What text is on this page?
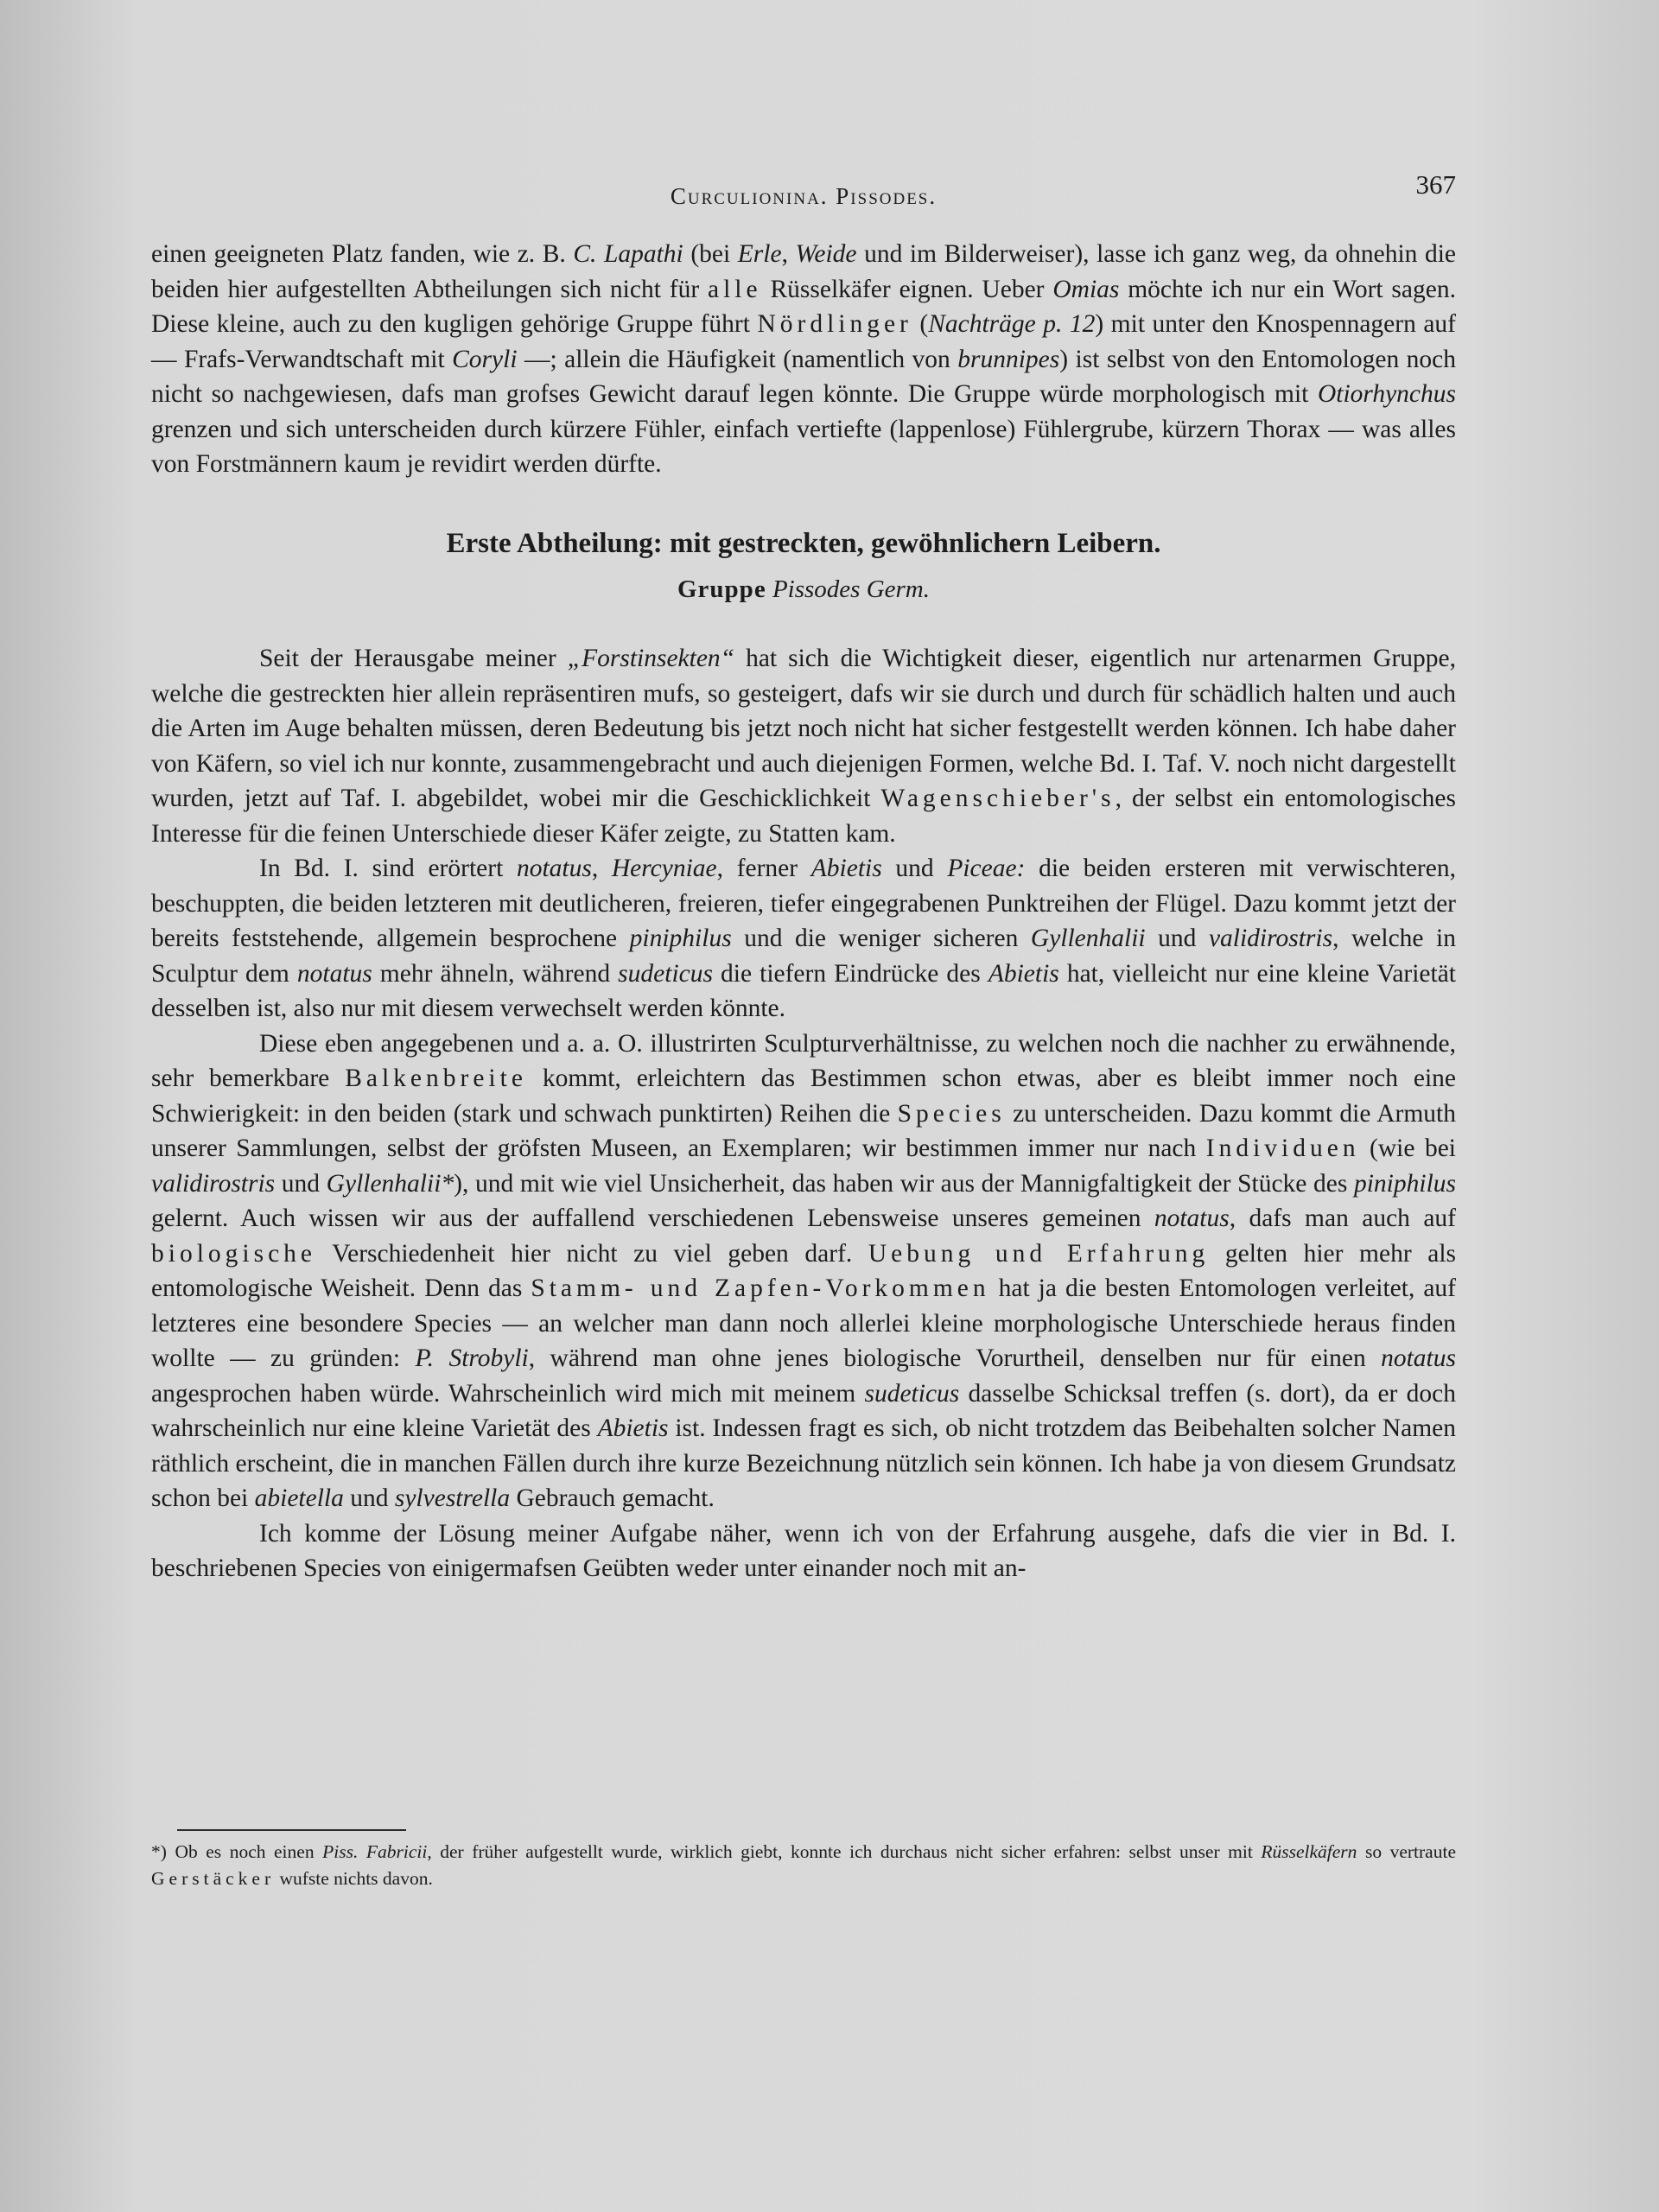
Curculionina. Pissodes.	367

einen geeigneten Platz fanden, wie z. B. C. Lapathi (bei Erle, Weide und im Bilderweiser), lasse ich ganz weg, da ohnehin die beiden hier aufgestellten Abtheilungen sich nicht für alle Rüsselkäfer eignen. Ueber Omias möchte ich nur ein Wort sagen. Diese kleine, auch zu den kugligen gehörige Gruppe führt Nördlinger (Nachträge p. 12) mit unter den Knospennagern auf — Frafs-Verwandtschaft mit Coryli —; allein die Häufigkeit (namentlich von brunnipes) ist selbst von den Entomologen noch nicht so nachgewiesen, dafs man grofses Gewicht darauf legen könnte. Die Gruppe würde morphologisch mit Otiorhynchus grenzen und sich unterscheiden durch kürzere Fühler, einfach vertiefte (lappenlose) Fühlergrube, kürzern Thorax — was alles von Forstmännern kaum je revidirt werden dürfte.

Erste Abtheilung: mit gestreckten, gewöhnlichern Leibern.
Gruppe Pissodes Germ.

Seit der Herausgabe meiner „Forstinsekten“ hat sich die Wichtigkeit dieser, eigentlich nur artenarmen Gruppe, welche die gestreckten hier allein repräsentiren mufs, so gesteigert, dafs wir sie durch und durch für schädlich halten und auch die Arten im Auge behalten müssen, deren Bedeutung bis jetzt noch nicht hat sicher festgestellt werden können. Ich habe daher von Käfern, so viel ich nur konnte, zusammengebracht und auch diejenigen Formen, welche Bd. I. Taf. V. noch nicht dargestellt wurden, jetzt auf Taf. I. abgebildet, wobei mir die Geschicklichkeit Wagenschieber's, der selbst ein entomologisches Interesse für die feinen Unterschiede dieser Käfer zeigte, zu Statten kam.

In Bd. I. sind erörtert notatus, Hercyniae, ferner Abietis und Piceae: die beiden ersteren mit verwischteren, beschuppten, die beiden letzteren mit deutlicheren, freieren, tiefer eingegrabenen Punktreihen der Flügel. Dazu kommt jetzt der bereits feststehende, allgemein besprochene piniphilus und die weniger sicheren Gyllenhalii und validirostris, welche in Sculptur dem notatus mehr ähneln, während sudeticus die tiefern Eindrücke des Abietis hat, vielleicht nur eine kleine Varietät desselben ist, also nur mit diesem verwechselt werden könnte.

Diese eben angegebenen und a. a. O. illustrirten Sculpturverhältnisse, zu welchen noch die nachher zu erwähnende, sehr bemerkbare Balkenbreite kommt, erleichtern das Bestimmen schon etwas, aber es bleibt immer noch eine Schwierigkeit: in den beiden (stark und schwach punktirten) Reihen die Species zu unterscheiden. Dazu kommt die Armuth unserer Sammlungen, selbst der gröfsten Museen, an Exemplaren; wir bestimmen immer nur nach Individuen (wie bei validirostris und Gyllenhalii*), und mit wie viel Unsicherheit, das haben wir aus der Mannigfaltigkeit der Stücke des piniphilus gelernt. Auch wissen wir aus der auffallend verschiedenen Lebensweise unseres gemeinen notatus, dafs man auch auf biologische Verschiedenheit hier nicht zu viel geben darf. Uebung und Erfahrung gelten hier mehr als entomologische Weisheit. Denn das Stamm- und Zapfen-Vorkommen hat ja die besten Entomologen verleitet, auf letzteres eine besondere Species — an welcher man dann noch allerlei kleine morphologische Unterschiede heraus finden wollte — zu gründen: P. Strobyli, während man ohne jenes biologische Vorurtheil, denselben nur für einen notatus angesprochen haben würde. Wahrscheinlich wird mich mit meinem sudeticus dasselbe Schicksal treffen (s. dort), da er doch wahrscheinlich nur eine kleine Varietät des Abietis ist. Indessen fragt es sich, ob nicht trotzdem das Beibehalten solcher Namen räthlich erscheint, die in manchen Fällen durch ihre kurze Bezeichnung nützlich sein können. Ich habe ja von diesem Grundsatz schon bei abietella und sylvestrella Gebrauch gemacht.

Ich komme der Lösung meiner Aufgabe näher, wenn ich von der Erfahrung ausgehe, dafs die vier in Bd. I. beschriebenen Species von einigermafsen Geübten weder unter einander noch mit an-

*) Ob es noch einen Piss. Fabricii, der früher aufgestellt wurde, wirklich giebt, konnte ich durchaus nicht sicher erfahren: selbst unser mit Rüsselkäfern so vertraute Gerstäcker wufste nichts davon.
